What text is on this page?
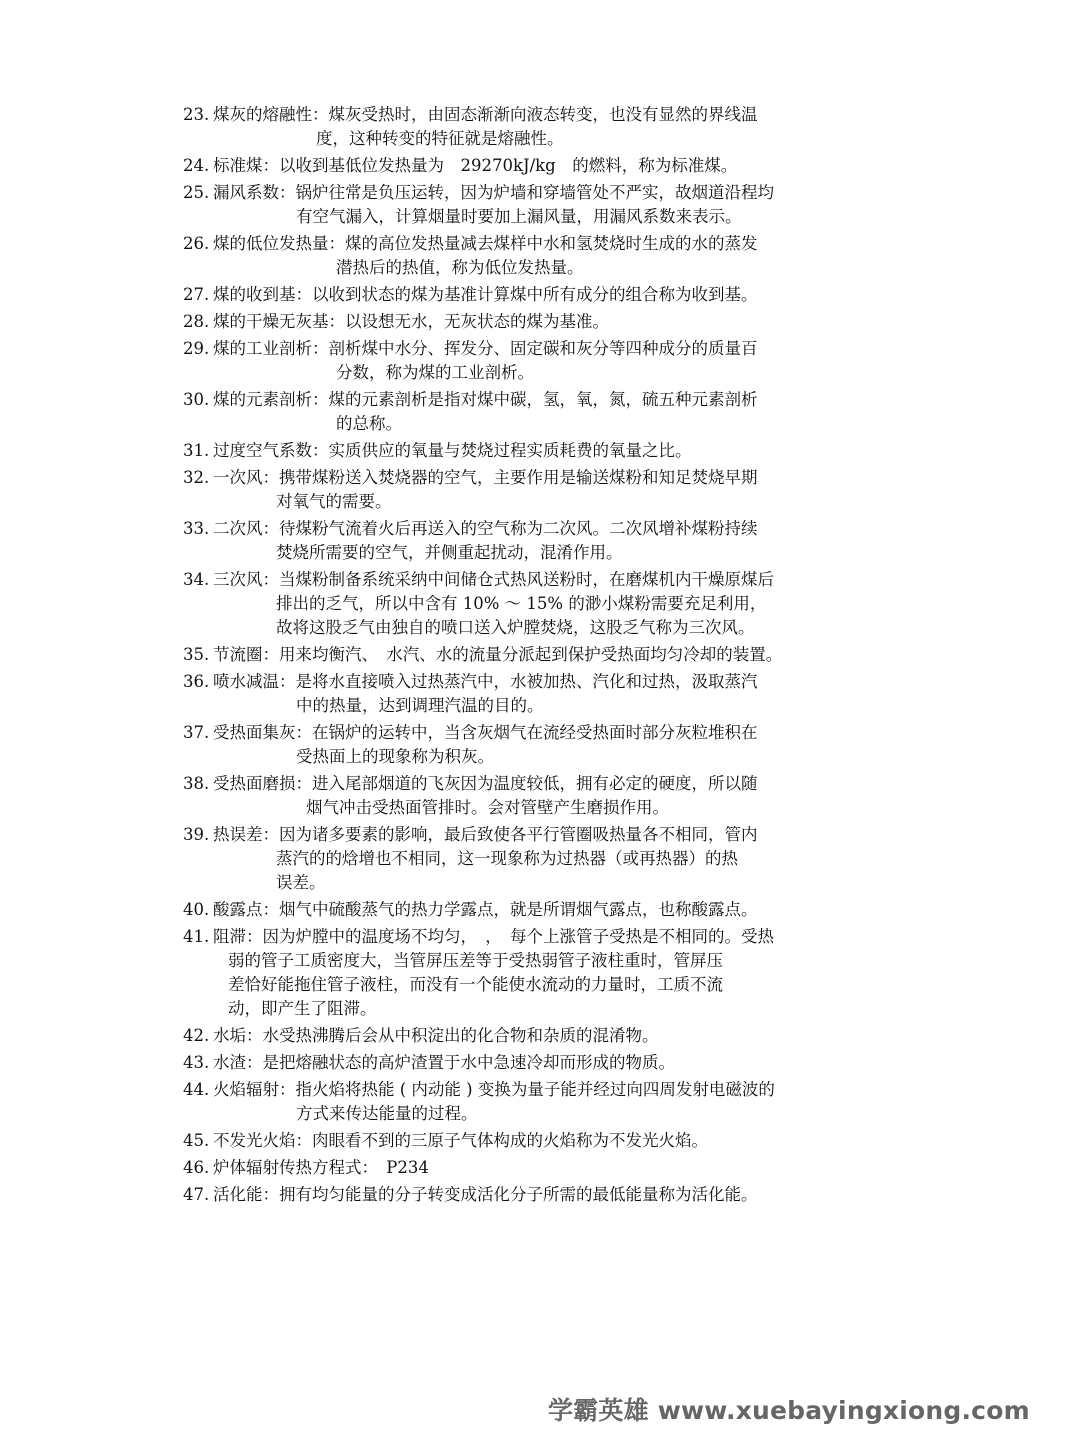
23. 煤灰的熔融性：煤灰受热时，由固态渐渐向液态转变，也没有显然的界线温
度，这种转变的特征就是熔融性。
24. 标准煤：以收到基低位发热量为　29270kJ/kg　的燃料，称为标准煤。
25. 漏风系数：锅炉往常是负压运转，因为炉墙和穿墙管处不严实，故烟道沿程均
有空气漏入，计算烟量时要加上漏风量，用漏风系数来表示。
26. 煤的低位发热量：煤的高位发热量减去煤样中水和氢焚烧时生成的水的蒸发
潜热后的热值，称为低位发热量。
27. 煤的收到基：以收到状态的煤为基准计算煤中所有成分的组合称为收到基。
28. 煤的干燥无灰基：以设想无水，无灰状态的煤为基准。
29. 煤的工业剖析：剖析煤中水分、挥发分、固定碳和灰分等四种成分的质量百
分数，称为煤的工业剖析。
30. 煤的元素剖析：煤的元素剖析是指对煤中碳，氢，氧，氮，硫五种元素剖析
的总称。
31. 过度空气系数：实质供应的氧量与焚烧过程实质耗费的氧量之比。
32. 一次风：携带煤粉送入焚烧器的空气，主要作用是输送煤粉和知足焚烧早期
对氧气的需要。
33. 二次风：待煤粉气流着火后再送入的空气称为二次风。二次风增补煤粉持续
焚烧所需要的空气，并侧重起扰动，混淆作用。
34. 三次风：当煤粉制备系统采纳中间储仓式热风送粉时，在磨煤机内干燥原煤后
排出的乏气，所以中含有 10% ～ 15% 的渺小煤粉需要充足利用，
故将这股乏气由独自的喷口送入炉膛焚烧，这股乏气称为三次风。
35. 节流圈：用来均衡汽、　水汽、水的流量分派起到保护受热面均匀冷却的装置。
36. 喷水减温：是将水直接喷入过热蒸汽中，水被加热、汽化和过热，汲取蒸汽
中的热量，达到调理汽温的目的。
37. 受热面集灰：在锅炉的运转中，当含灰烟气在流经受热面时部分灰粒堆积在
受热面上的现象称为积灰。
38. 受热面磨损：进入尾部烟道的飞灰因为温度较低，拥有必定的硬度，所以随
烟气冲击受热面管排时。会对管壁产生磨损作用。
39. 热误差：因为诸多要素的影响，最后致使各平行管圈吸热量各不相同，管内
蒸汽的的焓增也不相同，这一现象称为过热器（或再热器）的热
误差。
40. 酸露点：烟气中硫酸蒸气的热力学露点，就是所谓烟气露点，也称酸露点。
41. 阻滞：因为炉膛中的温度场不均匀，　，　每个上涨管子受热是不相同的。受热
弱的管子工质密度大，当管屏压差等于受热弱管子液柱重时，管屏压
差恰好能拖住管子液柱，而没有一个能使水流动的力量时，工质不流
动，即产生了阻滞。
42. 水垢：水受热沸腾后会从中积淀出的化合物和杂质的混淆物。
43. 水渣：是把熔融状态的高炉渣置于水中急速冷却而形成的物质。
44. 火焰辐射：指火焰将热能 ( 内动能 ) 变换为量子能并经过向四周发射电磁波的
方式来传达能量的过程。
45. 不发光火焰：肉眼看不到的三原子气体构成的火焰称为不发光火焰。
46. 炉体辐射传热方程式：　P234
47. 活化能：拥有均匀能量的分子转变成活化分子所需的最低能量称为活化能。
学霸英雄 www.xuebayingxiong.com
